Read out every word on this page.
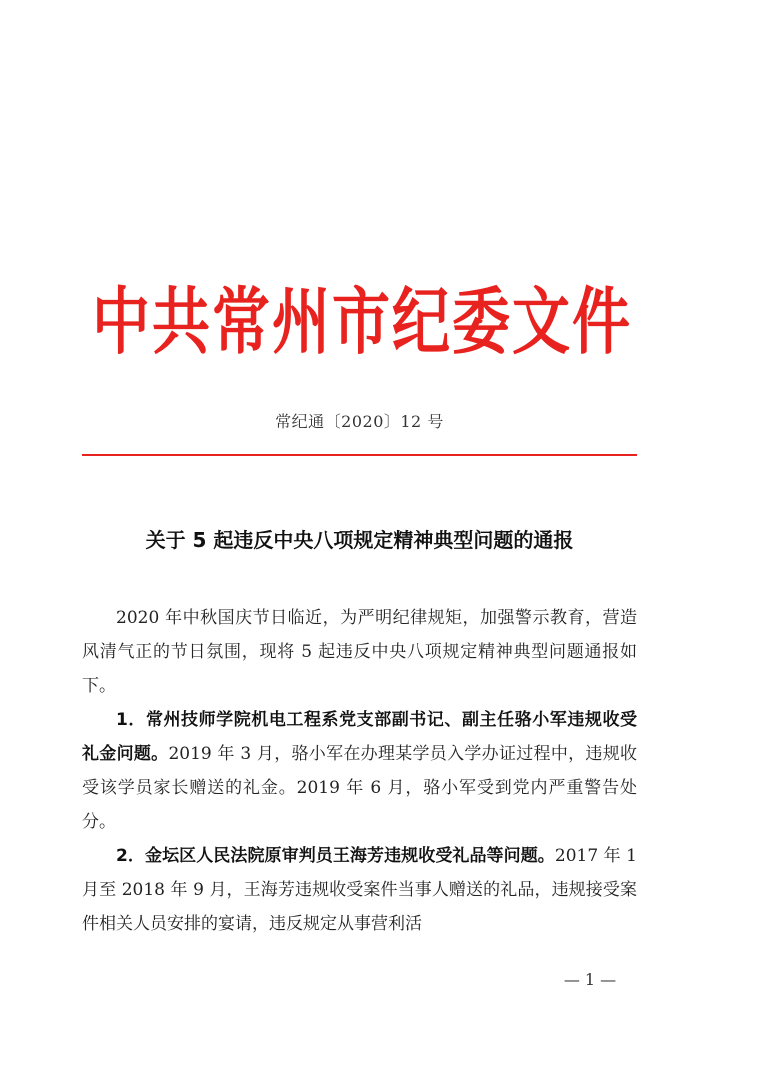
中共常州市纪委文件
常纪通〔2020〕12 号
关于 5 起违反中央八项规定精神典型问题的通报

2020 年中秋国庆节日临近，为严明纪律规矩，加强警示教育，营造风清气正的节日氛围，现将 5 起违反中央八项规定精神典型问题通报如下。

1．常州技师学院机电工程系党支部副书记、副主任骆小军违规收受礼金问题。2019 年 3 月，骆小军在办理某学员入学办证过程中，违规收受该学员家长赠送的礼金。2019 年 6 月，骆小军受到党内严重警告处分。

2．金坛区人民法院原审判员王海芳违规收受礼品等问题。2017 年 1 月至 2018 年 9 月，王海芳违规收受案件当事人赠送的礼品，违规接受案件相关人员安排的宴请，违反规定从事营利活

— 1 —
